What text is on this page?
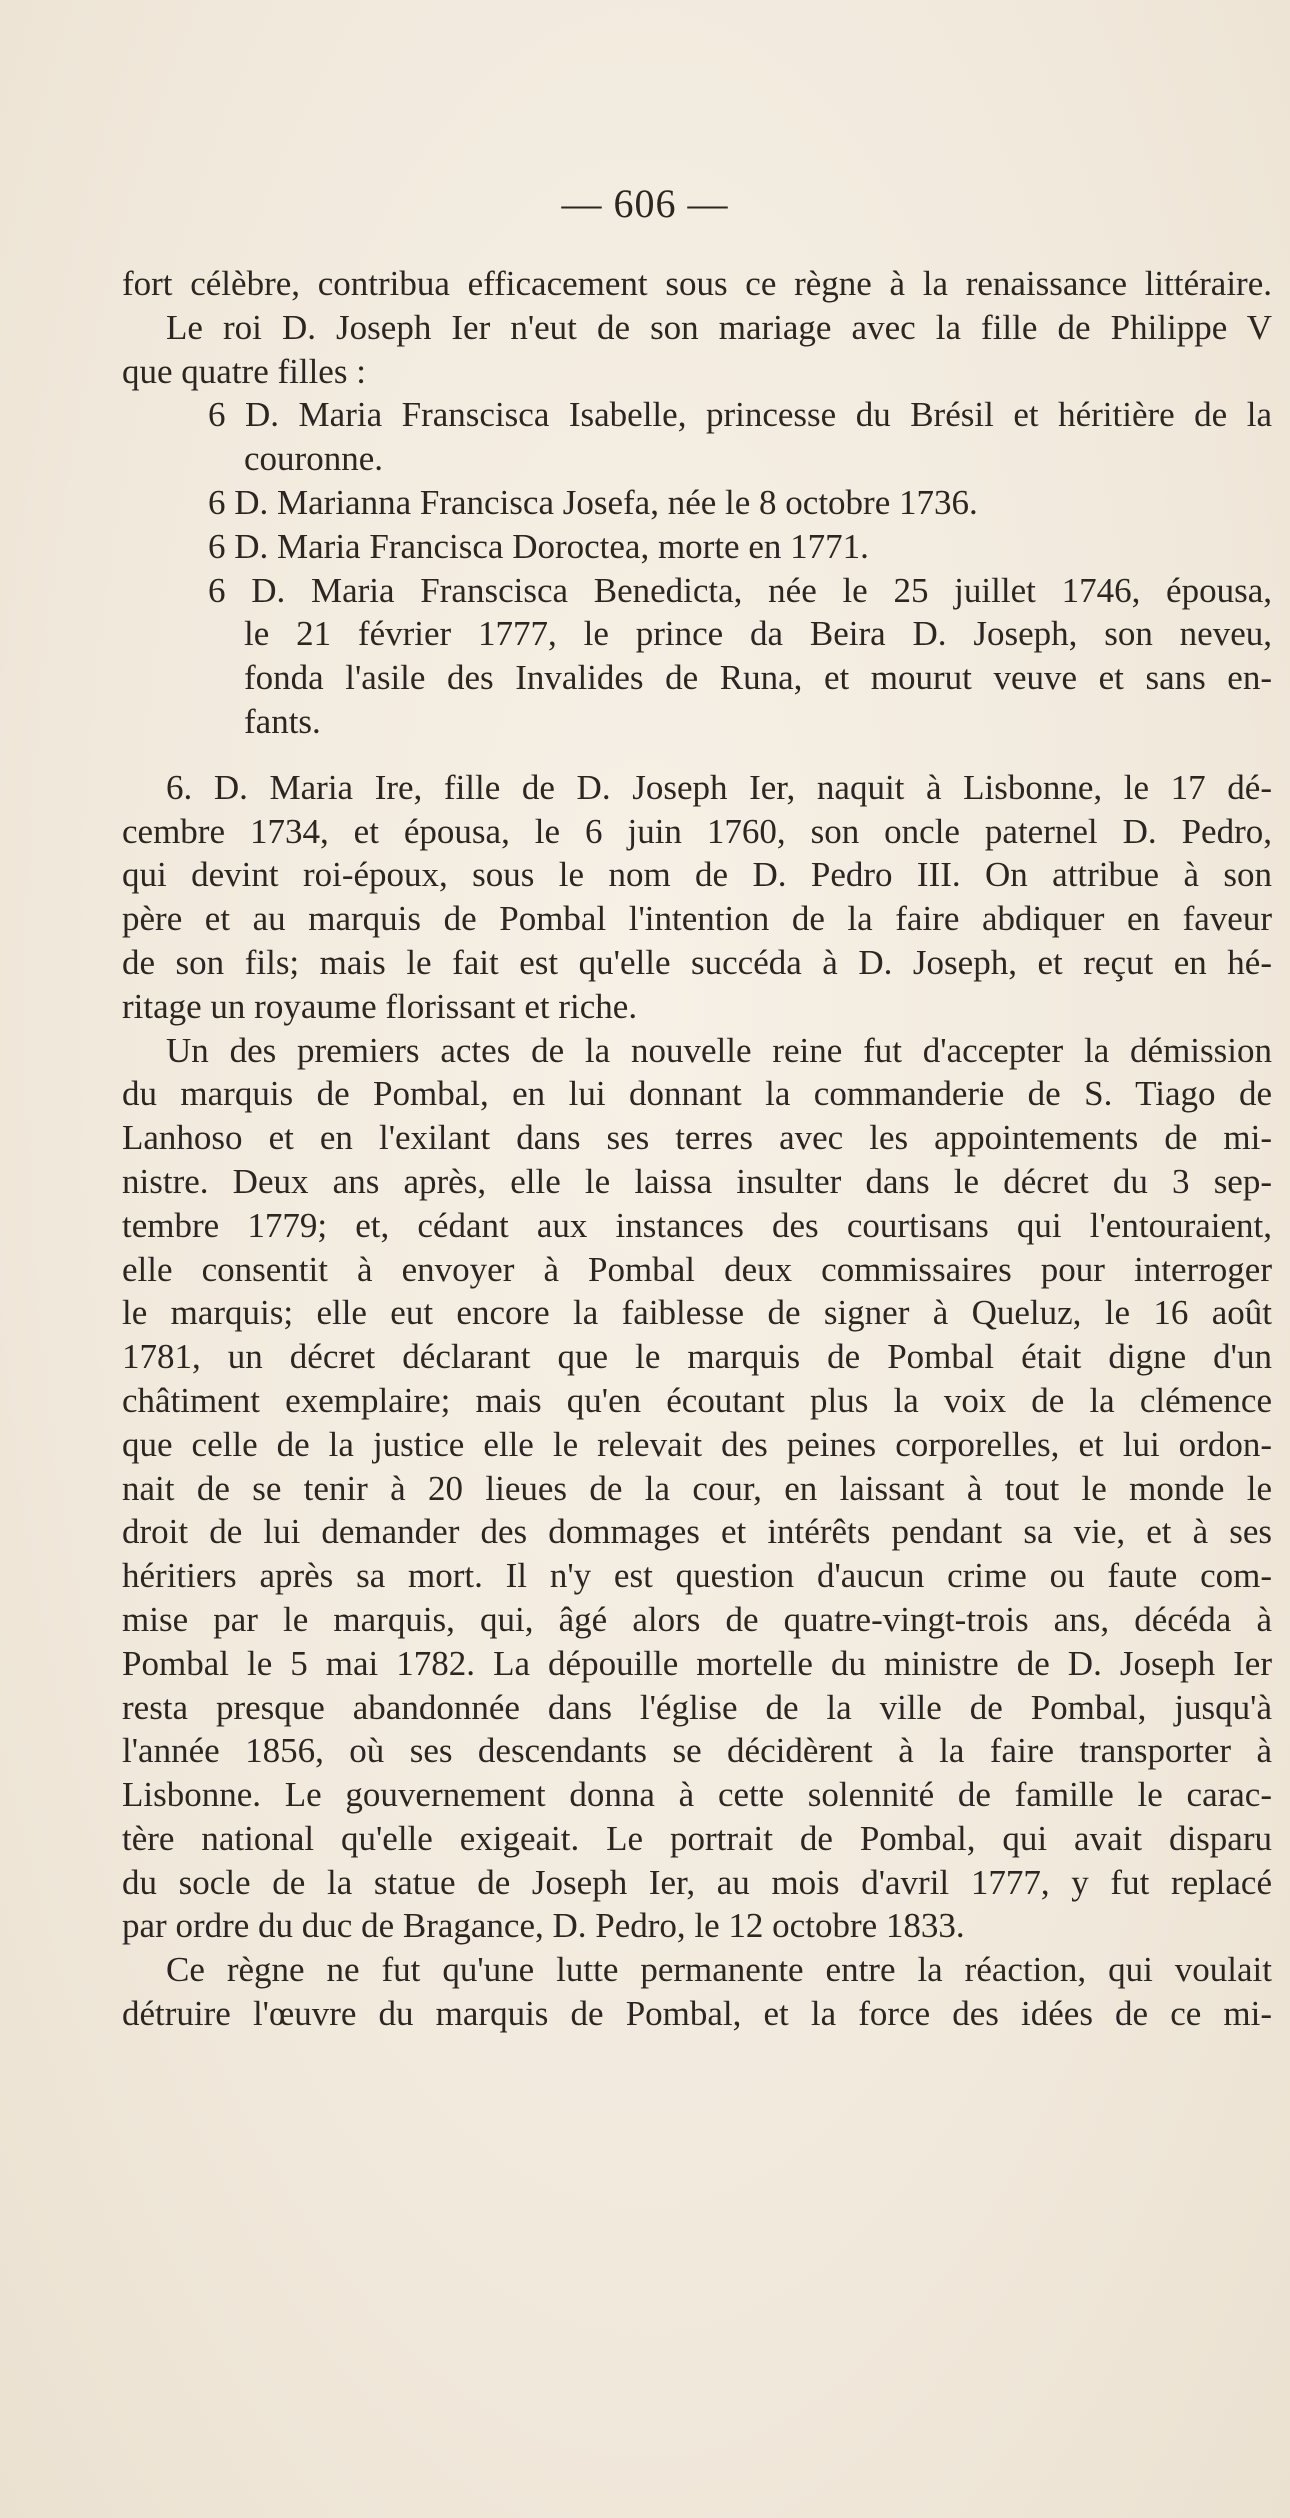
— 606 —
fort célèbre, contribua efficacement sous ce règne à la renaissance littéraire.
Le roi D. Joseph Ier n'eut de son mariage avec la fille de Philippe V
que quatre filles :
6 D. Maria Franscisca Isabelle, princesse du Brésil et héritière de la
couronne.
6 D. Marianna Francisca Josefa, née le 8 octobre 1736.
6 D. Maria Francisca Doroctea, morte en 1771.
6 D. Maria Franscisca Benedicta, née le 25 juillet 1746, épousa,
le 21 février 1777, le prince da Beira D. Joseph, son neveu,
fonda l'asile des Invalides de Runa, et mourut veuve et sans en-
fants.
6. D. Maria Ire, fille de D. Joseph Ier, naquit à Lisbonne, le 17 dé-
cembre 1734, et épousa, le 6 juin 1760, son oncle paternel D. Pedro,
qui devint roi-époux, sous le nom de D. Pedro III. On attribue à son
père et au marquis de Pombal l'intention de la faire abdiquer en faveur
de son fils; mais le fait est qu'elle succéda à D. Joseph, et reçut en hé-
ritage un royaume florissant et riche.
Un des premiers actes de la nouvelle reine fut d'accepter la démission
du marquis de Pombal, en lui donnant la commanderie de S. Tiago de
Lanhoso et en l'exilant dans ses terres avec les appointements de mi-
nistre. Deux ans après, elle le laissa insulter dans le décret du 3 sep-
tembre 1779; et, cédant aux instances des courtisans qui l'entouraient,
elle consentit à envoyer à Pombal deux commissaires pour interroger
le marquis; elle eut encore la faiblesse de signer à Queluz, le 16 août
1781, un décret déclarant que le marquis de Pombal était digne d'un
châtiment exemplaire; mais qu'en écoutant plus la voix de la clémence
que celle de la justice elle le relevait des peines corporelles, et lui ordon-
nait de se tenir à 20 lieues de la cour, en laissant à tout le monde le
droit de lui demander des dommages et intérêts pendant sa vie, et à ses
héritiers après sa mort. Il n'y est question d'aucun crime ou faute com-
mise par le marquis, qui, âgé alors de quatre-vingt-trois ans, décéda à
Pombal le 5 mai 1782. La dépouille mortelle du ministre de D. Joseph Ier
resta presque abandonnée dans l'église de la ville de Pombal, jusqu'à
l'année 1856, où ses descendants se décidèrent à la faire transporter à
Lisbonne. Le gouvernement donna à cette solennité de famille le carac-
tère national qu'elle exigeait. Le portrait de Pombal, qui avait disparu
du socle de la statue de Joseph Ier, au mois d'avril 1777, y fut replacé
par ordre du duc de Bragance, D. Pedro, le 12 octobre 1833.
Ce règne ne fut qu'une lutte permanente entre la réaction, qui voulait
détruire l'œuvre du marquis de Pombal, et la force des idées de ce mi-
